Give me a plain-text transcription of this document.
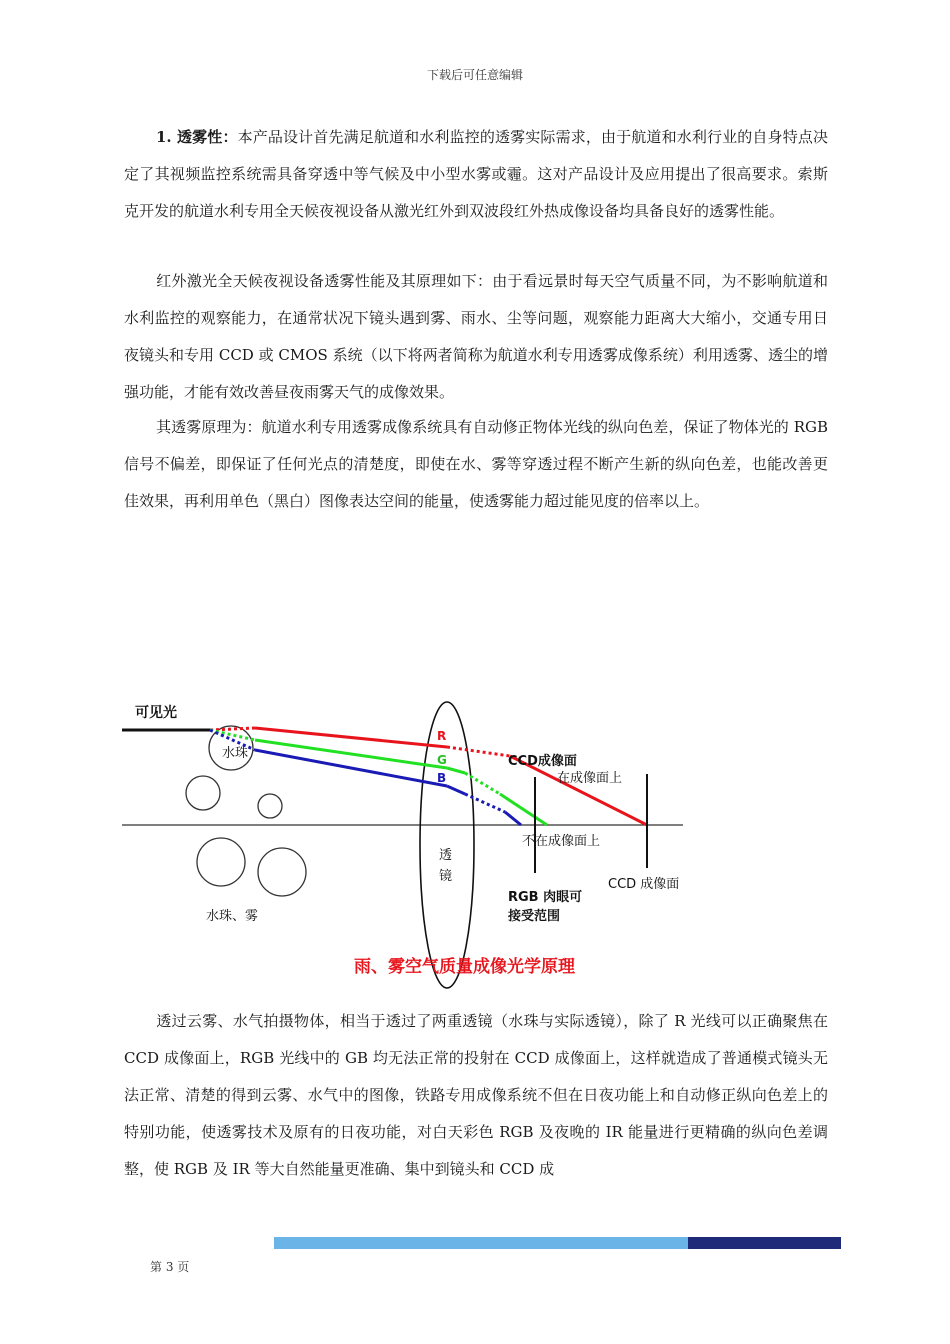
下载后可任意编辑

1. 透雾性：本产品设计首先满足航道和水利监控的透雾实际需求，由于航道和水利行业的自身特点决定了其视频监控系统需具备穿透中等气候及中小型水雾或霾。这对产品设计及应用提出了很高要求。索斯克开发的航道水利专用全天候夜视设备从激光红外到双波段红外热成像设备均具备良好的透雾性能。

红外激光全天候夜视设备透雾性能及其原理如下：由于看远景时每天空气质量不同，为不影响航道和水利监控的观察能力，在通常状况下镜头遇到雾、雨水、尘等问题，观察能力距离大大缩小，交通专用日夜镜头和专用 CCD 或 CMOS 系统（以下将两者简称为航道水利专用透雾成像系统）利用透雾、透尘的增强功能，才能有效改善昼夜雨雾天气的成像效果。

其透雾原理为：航道水利专用透雾成像系统具有自动修正物体光线的纵向色差，保证了物体光的 RGB 信号不偏差，即保证了任何光点的清楚度，即使在水、雾等穿透过程不断产生新的纵向色差，也能改善更佳效果，再利用单色（黑白）图像表达空间的能量，使透雾能力超过能见度的倍率以上。

可见光
水珠
水珠、雾
透
镜
R
G
B
CCD成像面
在成像面上
不在成像面上
CCD 成像面
RGB 肉眼可
接受范围
雨、雾空气质量成像光学原理

透过云雾、水气拍摄物体，相当于透过了两重透镜（水珠与实际透镜），除了 R 光线可以正确聚焦在 CCD 成像面上，RGB 光线中的 GB 均无法正常的投射在 CCD 成像面上，这样就造成了普通模式镜头无法正常、清楚的得到云雾、水气中的图像，铁路专用成像系统不但在日夜功能上和自动修正纵向色差上的特别功能，使透雾技术及原有的日夜功能，对白天彩色 RGB 及夜晚的 IR 能量进行更精确的纵向色差调整，使 RGB 及 IR 等大自然能量更准确、集中到镜头和 CCD 成

第 3 页
